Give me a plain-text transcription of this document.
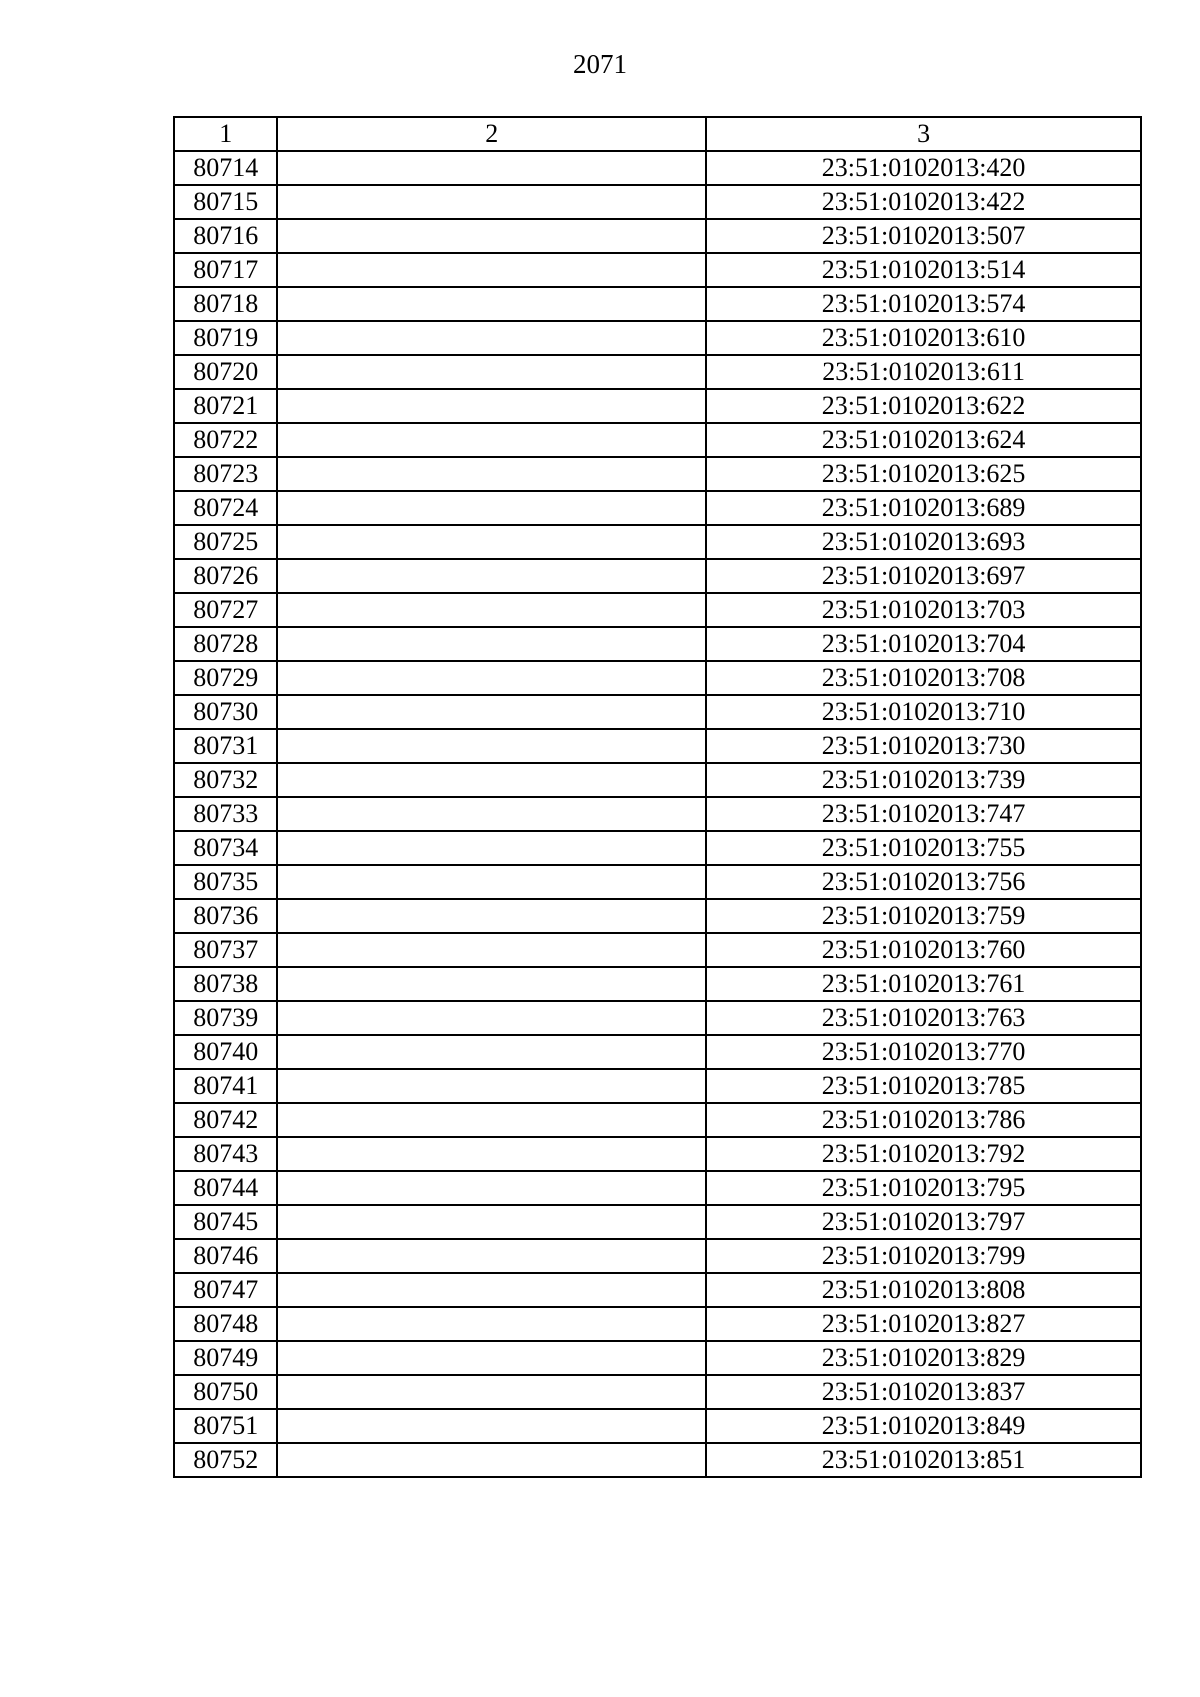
2071
1	2	3
80714		23:51:0102013:420
80715		23:51:0102013:422
80716		23:51:0102013:507
80717		23:51:0102013:514
80718		23:51:0102013:574
80719		23:51:0102013:610
80720		23:51:0102013:611
80721		23:51:0102013:622
80722		23:51:0102013:624
80723		23:51:0102013:625
80724		23:51:0102013:689
80725		23:51:0102013:693
80726		23:51:0102013:697
80727		23:51:0102013:703
80728		23:51:0102013:704
80729		23:51:0102013:708
80730		23:51:0102013:710
80731		23:51:0102013:730
80732		23:51:0102013:739
80733		23:51:0102013:747
80734		23:51:0102013:755
80735		23:51:0102013:756
80736		23:51:0102013:759
80737		23:51:0102013:760
80738		23:51:0102013:761
80739		23:51:0102013:763
80740		23:51:0102013:770
80741		23:51:0102013:785
80742		23:51:0102013:786
80743		23:51:0102013:792
80744		23:51:0102013:795
80745		23:51:0102013:797
80746		23:51:0102013:799
80747		23:51:0102013:808
80748		23:51:0102013:827
80749		23:51:0102013:829
80750		23:51:0102013:837
80751		23:51:0102013:849
80752		23:51:0102013:851
